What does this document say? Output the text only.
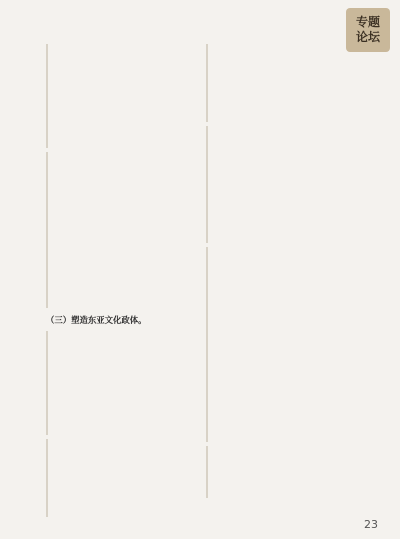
专题
论坛

（三）塑造东亚文化政体。

23
